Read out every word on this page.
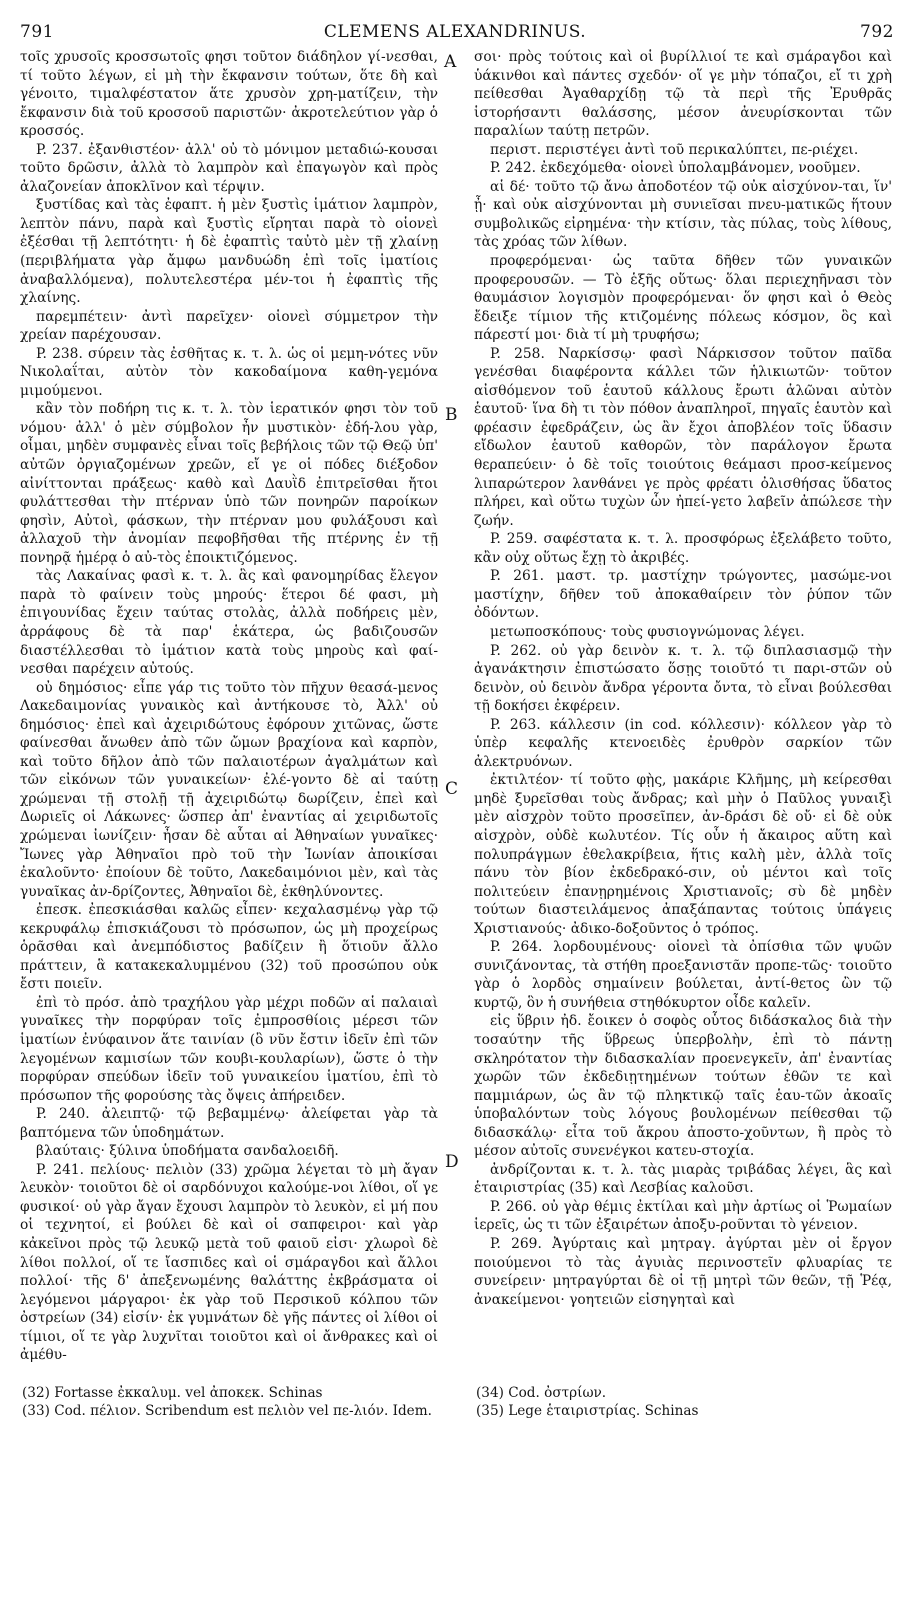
791	CLEMENS ALEXANDRINUS.	792
A
B
C
D

τοῖς χρυσοῖς κροσσωτοῖς φησι τοῦτον διάδηλον γί-νεσθαι, τί τοῦτο λέγων, εἰ μὴ τὴν ἔκφανσιν τούτων, ὅτε δὴ καὶ γένοιτο, τιμαλφέστατον ἅτε χρυσὸν χρη-ματίζειν, τὴν ἔκφανσιν διὰ τοῦ κροσσοῦ παριστῶν· ἀκροτελεύτιον γὰρ ὁ κροσσός.

P. 237. ἐξανθιστέον· ἀλλ' οὐ τὸ μόνιμον μεταδιώ-κουσαι τοῦτο δρῶσιν, ἀλλὰ τὸ λαμπρὸν καὶ ἐπαγωγὸν καὶ πρὸς ἀλαζονείαν ἀποκλῖνον καὶ τέρψιν.

ξυστίδας καὶ τὰς ἐφαπτ. ἡ μὲν ξυστὶς ἱμάτιον λαμπρὸν, λεπτὸν πάνυ, παρὰ καὶ ξυστὶς εἴρηται παρὰ τὸ οἱονεὶ ἐξέσθαι τῇ λεπτότητι· ἡ δὲ ἐφαπτὶς ταὐτὸ μὲν τῇ χλαίνῃ (περιβλήματα γὰρ ἄμφω μανδυώδη ἐπὶ τοῖς ἱματίοις ἀναβαλλόμενα), πολυτελεστέρα μέν-τοι ἡ ἐφαπτὶς τῆς χλαίνης.

παρεμπέτειν· ἀντὶ παρεῖχεν· οἱονεὶ σύμμετρον τὴν χρείαν παρέχουσαν.

P. 238. σύρειν τὰς ἐσθῆτας κ. τ. λ. ὡς οἱ μεμη-νότες νῦν Νικολαΐται, αὐτὸν τὸν κακοδαίμονα καθη-γεμόνα μιμούμενοι.

κἂν τὸν ποδήρη τις κ. τ. λ. τὸν ἱερατικόν φησι τὸν τοῦ νόμου· ἀλλ' ὁ μὲν σύμβολον ἦν μυστικὸν· ἐδή-λου γὰρ, οἶμαι, μηδὲν συμφανὲς εἶναι τοῖς βεβήλοις τῶν τῷ Θεῷ ὑπ' αὐτῶν ὀργιαζομένων χρεῶν, εἴ γε οἱ πόδες διέξοδον αἰνίττονται πράξεως· καθὸ καὶ Δαυῒδ ἐπιτρεῖσθαι ἤτοι φυλάττεσθαι τὴν πτέρναν ὑπὸ τῶν πονηρῶν παροίκων φησὶν, Αὐτοὶ, φάσκων, τὴν πτέρναν μου φυλάξουσι καὶ ἀλλαχοῦ τὴν ἀνομίαν πεφοβῆσθαι τῆς πτέρνης ἐν τῇ πονηρᾷ ἡμέρᾳ ὁ αὐ-τὸς ἐποικτιζόμενος.

τὰς Λακαίνας φασὶ κ. τ. λ. ἃς καὶ φανομηρίδας ἔλεγον παρὰ τὸ φαίνειν τοὺς μηρούς· ἕτεροι δέ φασι, μὴ ἐπιγουνίδας ἔχειν ταύτας στολὰς, ἀλλὰ ποδήρεις μὲν, ἀρράφους δὲ τὰ παρ' ἑκάτερα, ὡς βαδιζουσῶν διαστέλλεσθαι τὸ ἱμάτιον κατὰ τοὺς μηροὺς καὶ φαί-νεσθαι παρέχειν αὐτούς.

οὐ δημόσιος· εἶπε γάρ τις τοῦτο τὸν πῆχυν θεασά-μενος Λακεδαιμονίας γυναικὸς καὶ ἀντήκουσε τὸ, Ἀλλ' οὐ δημόσιος· ἐπεὶ καὶ ἀχειριδώτους ἐφόρουν χιτῶνας, ὥστε φαίνεσθαι ἄνωθεν ἀπὸ τῶν ὤμων βραχίονα καὶ καρπὸν, καὶ τοῦτο δῆλον ἀπὸ τῶν παλαιοτέρων ἀγαλμάτων καὶ τῶν εἰκόνων τῶν γυναικείων· ἐλέ-γοντο δὲ αἱ ταύτῃ χρώμεναι τῇ στολῇ τῇ ἀχειριδώτῳ δωρίζειν, ἐπεὶ καὶ Δωριεῖς οἱ Λάκωνες· ὥσπερ ἀπ' ἐναντίας αἱ χειριδωτοῖς χρώμεναι ἰωνίζειν· ἦσαν δὲ αὗται αἱ Ἀθηναίων γυναῖκες· Ἴωνες γὰρ Ἀθηναῖοι πρὸ τοῦ τὴν Ἰωνίαν ἀποικίσαι ἐκαλοῦντο· ἐποίουν δὲ τοῦτο, Λακεδαιμόνιοι μὲν, καὶ τὰς γυναῖκας ἀν-δρίζοντες, Ἀθηναῖοι δὲ, ἐκθηλύνοντες.

ἐπεσκ. ἐπεσκιάσθαι καλῶς εἶπεν· κεχαλασμένῳ γὰρ τῷ κεκρυφάλῳ ἐπισκιάζουσι τὸ πρόσωπον, ὡς μὴ προχείρως ὁρᾶσθαι καὶ ἀνεμπόδιστος βαδίζειν ἢ ὅτιοῦν ἄλλο πράττειν, ἃ κατακεκαλυμμένου (32) τοῦ προσώπου οὐκ ἔστι ποιεῖν.

ἐπὶ τὸ πρόσ. ἀπὸ τραχήλου γὰρ μέχρι ποδῶν αἱ παλαιαὶ γυναῖκες τὴν πορφύραν τοῖς ἐμπροσθίοις μέρεσι τῶν ἱματίων ἐνύφαινον ἅτε ταινίαν (ὃ νῦν ἔστιν ἰδεῖν ἐπὶ τῶν λεγομένων καμισίων τῶν κουβι-κουλαρίων), ὥστε ὁ τὴν πορφύραν σπεύδων ἰδεῖν τοῦ γυναικείου ἱματίου, ἐπὶ τὸ πρόσωπον τῆς φορούσης τὰς ὄψεις ἀπήρειδεν.

P. 240. ἀλειπτῷ· τῷ βεβαμμένῳ· ἀλείφεται γὰρ τὰ βαπτόμενα τῶν ὑποδημάτων.

βλαύταις· ξύλινα ὑποδήματα σανδαλοειδῆ.

P. 241. πελίους· πελιὸν (33) χρῶμα λέγεται τὸ μὴ ἄγαν λευκὸν· τοιοῦτοι δὲ οἱ σαρδόνυχοι καλούμε-νοι λίθοι, οἵ γε φυσικοί· οὐ γὰρ ἄγαν ἔχουσι λαμπρὸν τὸ λευκὸν, εἰ μή που οἱ τεχνητοί, εἰ βούλει δὲ καὶ οἱ σαπφειροι· καὶ γὰρ κἀκεῖνοι πρὸς τῷ λευκῷ μετὰ τοῦ φαιοῦ εἰσι· χλωροὶ δὲ λίθοι πολλοί, οἵ τε ἴασπιδες καὶ οἱ σμάραγδοι καὶ ἄλλοι πολλοί· τῆς δ' ἀπεξενωμένης θαλάττης ἐκβράσματα οἱ λεγόμενοι μάργαροι· ἐκ γὰρ τοῦ Περσικοῦ κόλπου τῶν ὀστρείων (34) εἰσίν· ἐκ γυμνάτων δὲ γῆς πάντες οἱ λίθοι οἱ τίμιοι, οἵ τε γὰρ λυχνῖται τοιοῦτοι καὶ οἱ ἄνθρακες καὶ οἱ ἀμέθυ-

σοι· πρὸς τούτοις καὶ οἱ βυρίλλιοί τε καὶ σμάραγδοι καὶ ὑάκινθοι καὶ πάντες σχεδόν· οἵ γε μὴν τόπαζοι, εἴ τι χρὴ πείθεσθαι Ἀγαθαρχίδῃ τῷ τὰ περὶ τῆς Ἐρυθρᾶς ἱστορήσαντι θαλάσσης, μέσον ἀνευρίσκονται τῶν παραλίων ταύτῃ πετρῶν.

περιστ. περιστέγει ἀντὶ τοῦ περικαλύπτει, πε-ριέχει.

P. 242. ἐκδεχόμεθα· οἱονεὶ ὑπολαμβάνομεν, νοοῦμεν.

αἱ δέ· τοῦτο τῷ ἄνω ἀποδοτέον τῷ οὐκ αἰσχύνον-ται, ἵν' ᾖ· καὶ οὐκ αἰσχύνονται μὴ συνιεῖσαι πνευ-ματικῶς ἥτουν συμβολικῶς εἰρημένα· τὴν κτίσιν, τὰς πύλας, τοὺς λίθους, τὰς χρόας τῶν λίθων.

προφερόμεναι· ὡς ταῦτα δῆθεν τῶν γυναικῶν προφερουσῶν. — Τὸ ἑξῆς οὕτως· ὅλαι περιεχηῆνασι τὸν θαυμάσιον λογισμὸν προφερόμεναι· ὅν φησι καὶ ὁ Θεὸς ἔδειξε τίμιον τῆς κτιζομένης πόλεως κόσμον, ὃς καὶ πάρεστί μοι· διὰ τί μὴ τρυφήσω;

P. 258. Ναρκίσσῳ· φασὶ Νάρκισσον τοῦτον παῖδα γενέσθαι διαφέροντα κάλλει τῶν ἡλικιωτῶν· τοῦτον αἰσθόμενον τοῦ ἑαυτοῦ κάλλους ἔρωτι ἁλῶναι αὐτὸν ἑαυτοῦ· ἵνα δὴ τι τὸν πόθον ἀναπληροῖ, πηγαῖς ἑαυτὸν καὶ φρέασιν ἐφεδράζειν, ὡς ἂν ἔχοι ἀποβλέον τοῖς ὕδασιν εἴδωλον ἑαυτοῦ καθορῶν, τὸν παράλογον ἔρωτα θεραπεύειν· ὁ δὲ τοῖς τοιούτοις θεάμασι προσ-κείμενος λιπαρώτερον λανθάνει γε πρὸς φρέατι ὀλισθήσας ὕδατος πλήρει, καὶ οὕτω τυχὼν ὧν ἠπεί-γετο λαβεῖν ἀπώλεσε τὴν ζωήν.

P. 259. σαφέστατα κ. τ. λ. προσφόρως ἐξελάβετο τοῦτο, κἂν οὐχ οὕτως ἔχῃ τὸ ἀκριβές.

P. 261. μαστ. τρ. μαστίχην τρώγοντες, μασώμε-νοι μαστίχην, δῆθεν τοῦ ἀποκαθαίρειν τὸν ῥύπον τῶν ὀδόντων.

μετωποσκόπους· τοὺς φυσιογνώμονας λέγει.

P. 262. οὐ γὰρ δεινὸν κ. τ. λ. τῷ διπλασιασμῷ τὴν ἀγανάκτησιν ἐπιστώσατο ὅσῃς τοιοῦτό τι παρι-στῶν οὐ δεινὸν, οὐ δεινὸν ἄνδρα γέροντα ὄντα, τὸ εἶναι βούλεσθαι τῇ δοκήσει ἐκφέρειν.

P. 263. κάλλεσιν (in cod. κόλλεσιν)· κόλλεον γὰρ τὸ ὑπὲρ κεφαλῆς κτενοειδὲς ἐρυθρὸν σαρκίον τῶν ἀλεκτρυόνων.

ἐκτιλτέον· τί τοῦτο φῂς, μακάριε Κλῆμης, μὴ κείρεσθαι μηδὲ ξυρεῖσθαι τοὺς ἄνδρας; καὶ μὴν ὁ Παῦλος γυναιξὶ μὲν αἰσχρὸν τοῦτο προσεῖπεν, ἀν-δράσι δὲ οὔ· εἰ δὲ οὐκ αἰσχρὸν, οὐδὲ κωλυτέον. Τίς οὖν ἡ ἄκαιρος αὕτη καὶ πολυπράγμων ἐθελακρίβεια, ἥτις καλὴ μὲν, ἀλλὰ τοῖς πάνυ τὸν βίον ἐκδεδρακό-σιν, οὐ μέντοι καὶ τοῖς πολιτεύειν ἐπανῃρημένοις Χριστιανοῖς; σὺ δὲ μηδὲν τούτων διαστειλάμενος ἀπαξάπαντας τούτοις ὑπάγεις Χριστιανούς· ἀδικο-δοξοῦντος ὁ τρόπος.

P. 264. λορδουμένους· οἱονεὶ τὰ ὀπίσθια τῶν ψυῶν συνιζάνοντας, τὰ στήθη προεξανιστᾶν προπε-τῶς· τοιοῦτο γὰρ ὁ λορδὸς σημαίνειν βούλεται, ἀντί-θετος ὢν τῷ κυρτῷ, ὃν ἡ συνήθεια στηθόκυρτον οἶδε καλεῖν.

εἰς ὕβριν ἠδ. ἔοικεν ὁ σοφὸς οὗτος διδάσκαλος διὰ τὴν τοσαύτην τῆς ὕβρεως ὑπερβολὴν, ἐπὶ τὸ πάντῃ σκληρότατον τὴν διδασκαλίαν προενεγκεῖν, ἀπ' ἐναντίας χωρῶν τῶν ἐκδεδιῃτημένων τούτων ἐθῶν τε καὶ παμμιάρων, ὡς ἂν τῷ πληκτικῷ ταῖς ἑαυ-τῶν ἀκοαῖς ὑποβαλόντων τοὺς λόγους βουλομένων πείθεσθαι τῷ διδασκάλῳ· εἶτα τοῦ ἄκρου ἀποστο-χοῦντων, ἢ πρὸς τὸ μέσον αὐτοῖς συνενέγκοι κατευ-στοχία.

ἀνδρίζονται κ. τ. λ. τὰς μιαρὰς τριβάδας λέγει, ἃς καὶ ἑταιριστρίας (35) καὶ Λεσβίας καλοῦσι.

P. 266. οὐ γὰρ θέμις ἐκτίλαι καὶ μὴν ἀρτίως οἱ Ῥωμαίων ἱερεῖς, ὡς τι τῶν ἐξαιρέτων ἀποξυ-ροῦνται τὸ γένειον.

P. 269. Ἀγύρταις καὶ μητραγ. ἀγύρται μὲν οἱ ἔργον ποιούμενοι τὸ τὰς ἀγυιὰς περινοστεῖν φλυαρίας τε συνείρειν· μητραγύρται δὲ οἱ τῇ μητρὶ τῶν θεῶν, τῇ Ῥέᾳ, ἀνακείμενοι· γοητειῶν εἰσηγηταὶ καὶ

(32) Fortasse ἐκκαλυμ. vel ἀποκεκ. Schinas

(33) Cod. πέλιον. Scribendum est πελιὸν vel πε-λιόν. Idem.

(34) Cod. ὀστρίων.

(35) Lege ἑταιριστρίας. Schinas
